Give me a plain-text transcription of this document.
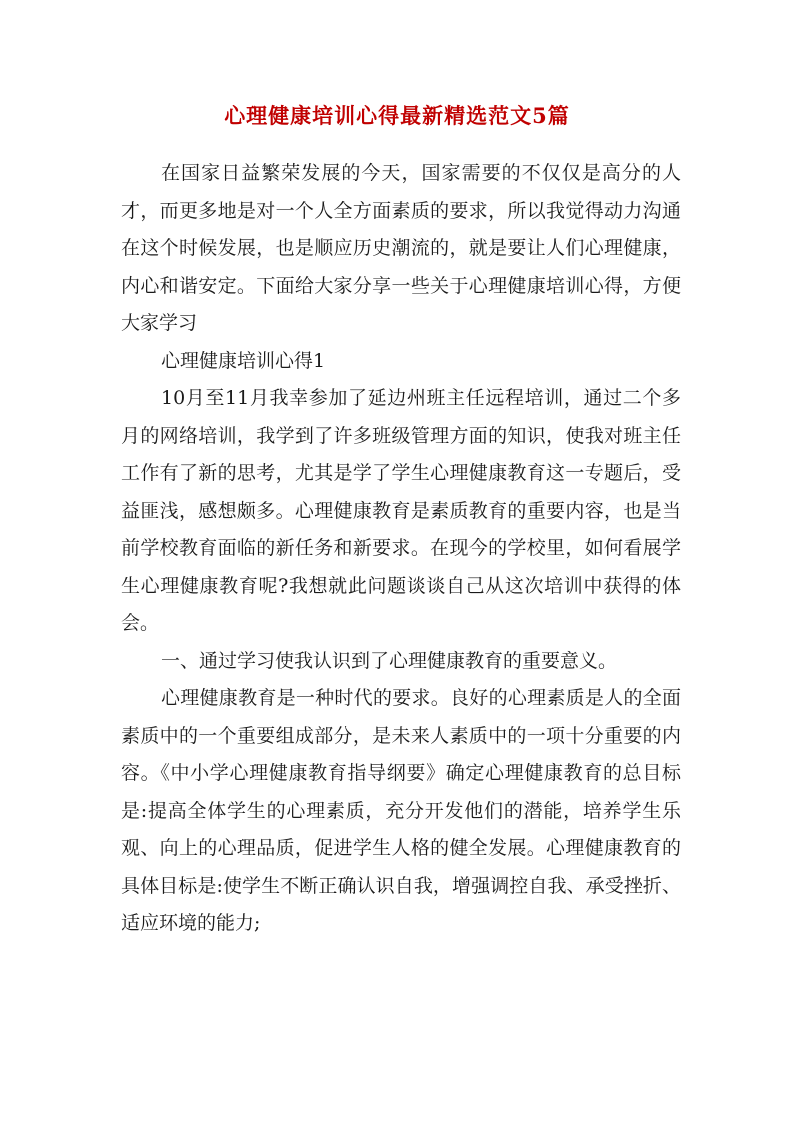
心理健康培训心得最新精选范文5篇

在国家日益繁荣发展的今天，国家需要的不仅仅是高分的人才，而更多地是对一个人全方面素质的要求，所以我觉得动力沟通在这个时候发展，也是顺应历史潮流的，就是要让人们心理健康，内心和谐安定。下面给大家分享一些关于心理健康培训心得，方便大家学习

心理健康培训心得1

10月至11月我幸参加了延边州班主任远程培训，通过二个多月的网络培训，我学到了许多班级管理方面的知识，使我对班主任工作有了新的思考，尤其是学了学生心理健康教育这一专题后，受益匪浅，感想颇多。心理健康教育是素质教育的重要内容，也是当前学校教育面临的新任务和新要求。在现今的学校里，如何看展学生心理健康教育呢?我想就此问题谈谈自己从这次培训中获得的体会。

一、通过学习使我认识到了心理健康教育的重要意义。

心理健康教育是一种时代的要求。良好的心理素质是人的全面素质中的一个重要组成部分，是未来人素质中的一项十分重要的内容。《中小学心理健康教育指导纲要》确定心理健康教育的总目标是:提高全体学生的心理素质，充分开发他们的潜能，培养学生乐观、向上的心理品质，促进学生人格的健全发展。心理健康教育的具体目标是:使学生不断正确认识自我，增强调控自我、承受挫折、适应环境的能力;
